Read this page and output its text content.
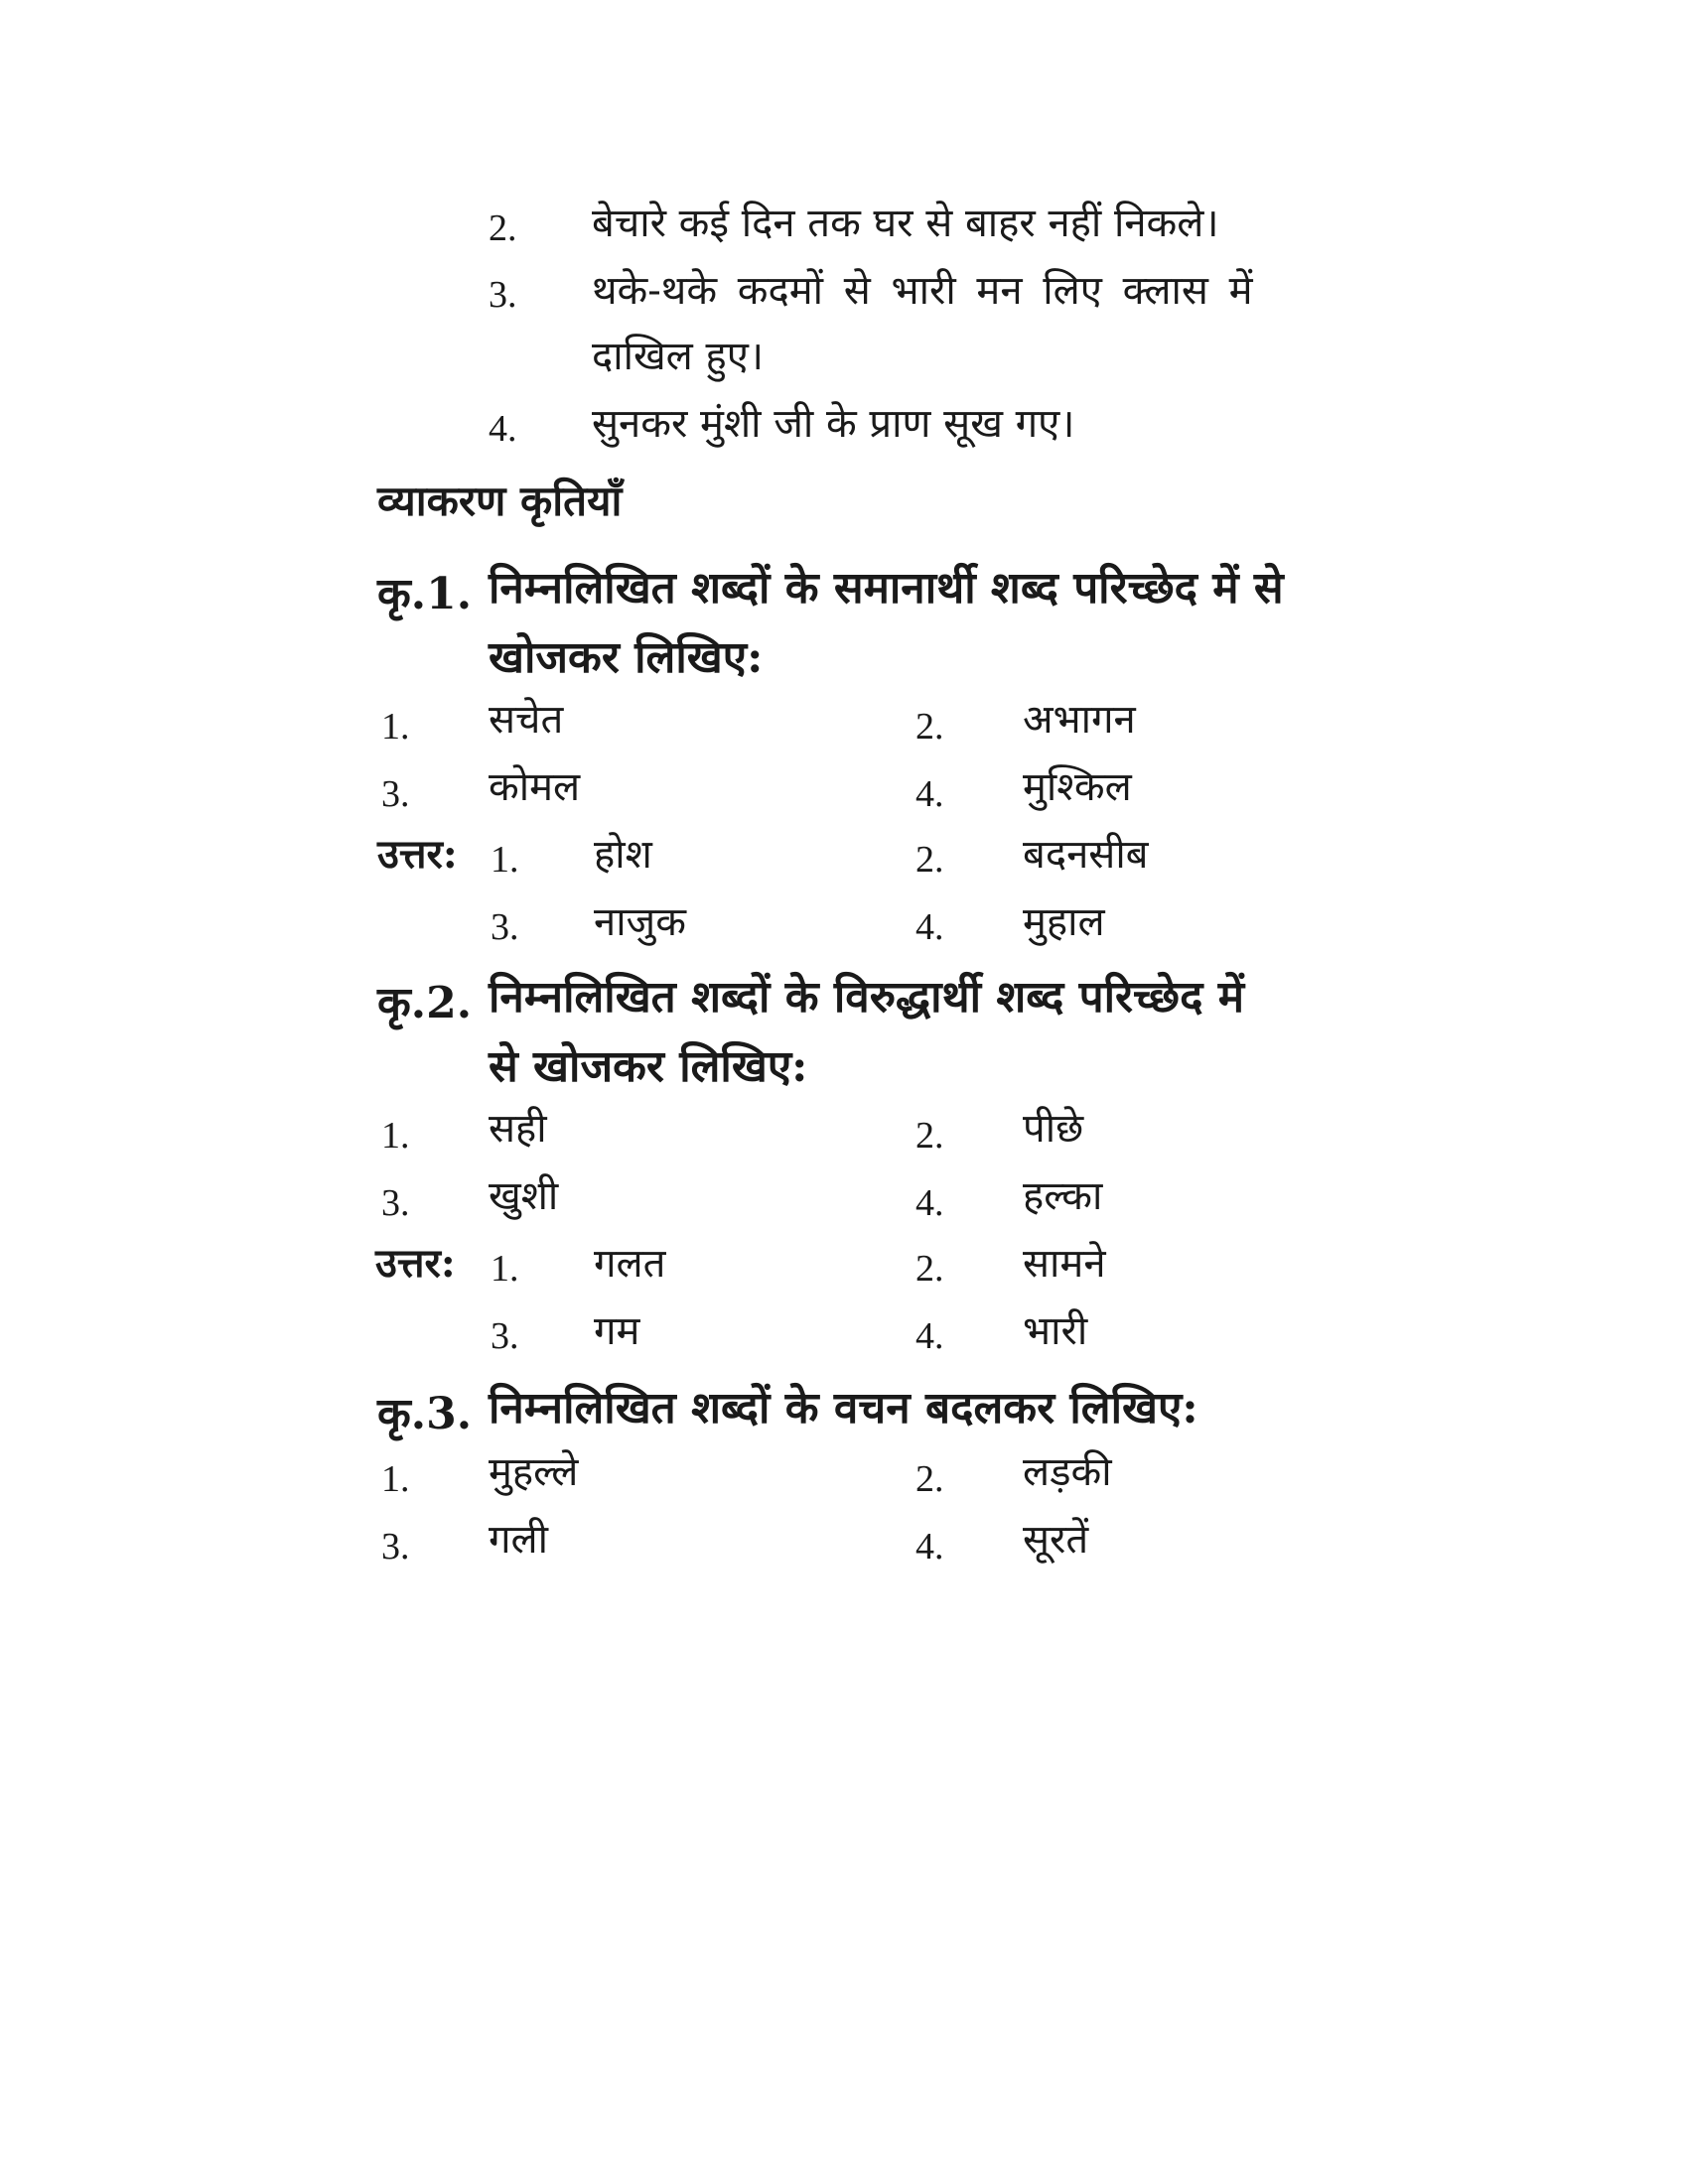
2. बेचारे कई दिन तक घर से बाहर नहीं निकले।
3. थके-थके कदमों से भारी मन लिए क्लास में
दाखिल हुए।
4. सुनकर मुंशी जी के प्राण सूख गए।
व्याकरण कृतियाँ
कृ.1. निम्नलिखित शब्दों के समानार्थी शब्द परिच्छेद में से
खोजकर लिखिए:
1. सचेत	2. अभागन
3. कोमल	4. मुश्किल
उत्तर: 1. होश	2. बदनसीब
3. नाजुक	4. मुहाल
कृ.2. निम्नलिखित शब्दों के विरुद्धार्थी शब्द परिच्छेद में
से खोजकर लिखिए:
1. सही	2. पीछे
3. खुशी	4. हल्का
उत्तर: 1. गलत	2. सामने
3. गम	4. भारी
कृ.3. निम्नलिखित शब्दों के वचन बदलकर लिखिए:
1. मुहल्ले	2. लड़की
3. गली	4. सूरतें
